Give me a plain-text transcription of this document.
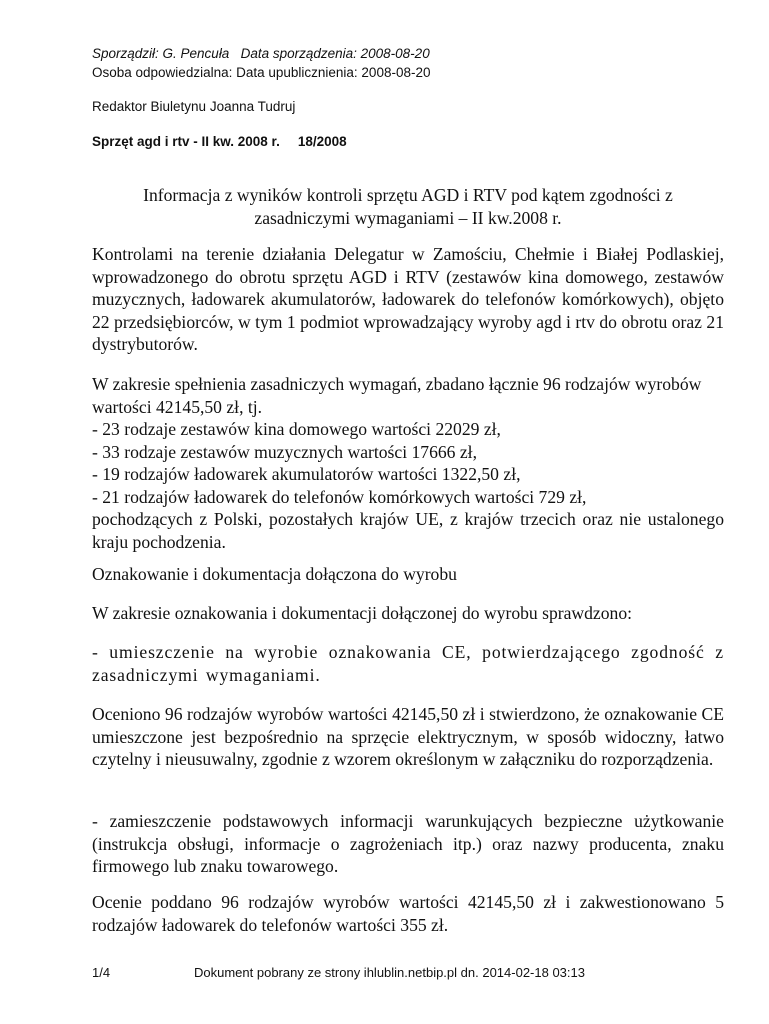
Sporządził: G. Pencuła   Data sporządzenia: 2008-08-20
Osoba odpowiedzialna: Data upublicznienia: 2008-08-20
Redaktor Biuletynu Joanna Tudruj
Sprzęt agd i rtv - II kw. 2008 r. 18/2008

Informacja z wyników kontroli sprzętu AGD i RTV pod kątem zgodności z

zasadniczymi wymaganiami – II kw.2008 r.

Kontrolami na terenie działania Delegatur w Zamościu, Chełmie i Białej Podlaskiej, wprowadzonego do obrotu sprzętu AGD i RTV (zestawów kina domowego, zestawów muzycznych, ładowarek akumulatorów, ładowarek do telefonów komórkowych), objęto 22 przedsiębiorców, w tym 1 podmiot wprowadzający wyroby agd i rtv do obrotu oraz 21 dystrybutorów.

W zakresie spełnienia zasadniczych wymagań, zbadano łącznie 96 rodzajów wyrobów

wartości 42145,50 zł, tj.

- 23 rodzaje zestawów kina domowego wartości 22029 zł,

- 33 rodzaje zestawów muzycznych wartości 17666 zł,

- 19 rodzajów ładowarek akumulatorów wartości 1322,50 zł,

- 21 rodzajów ładowarek do telefonów komórkowych wartości 729 zł,

pochodzących z Polski, pozostałych krajów UE, z krajów trzecich oraz nie ustalonego kraju pochodzenia.

Oznakowanie i dokumentacja dołączona do wyrobu

W zakresie oznakowania i dokumentacji dołączonej do wyrobu sprawdzono:

- umieszczenie na wyrobie oznakowania CE, potwierdzającego zgodność z zasadniczymi wymaganiami.

Oceniono 96 rodzajów wyrobów wartości 42145,50 zł i stwierdzono, że oznakowanie CE umieszczone jest bezpośrednio na sprzęcie elektrycznym, w sposób widoczny, łatwo czytelny i nieusuwalny, zgodnie z wzorem określonym w załączniku do rozporządzenia.

- zamieszczenie podstawowych informacji warunkujących bezpieczne użytkowanie (instrukcja obsługi, informacje o zagrożeniach itp.) oraz nazwy producenta, znaku firmowego lub znaku towarowego.

Ocenie poddano 96 rodzajów wyrobów wartości 42145,50 zł i zakwestionowano 5 rodzajów ładowarek do telefonów wartości 355 zł.

1/4	Dokument pobrany ze strony ihlublin.netbip.pl dn. 2014-02-18 03:13
